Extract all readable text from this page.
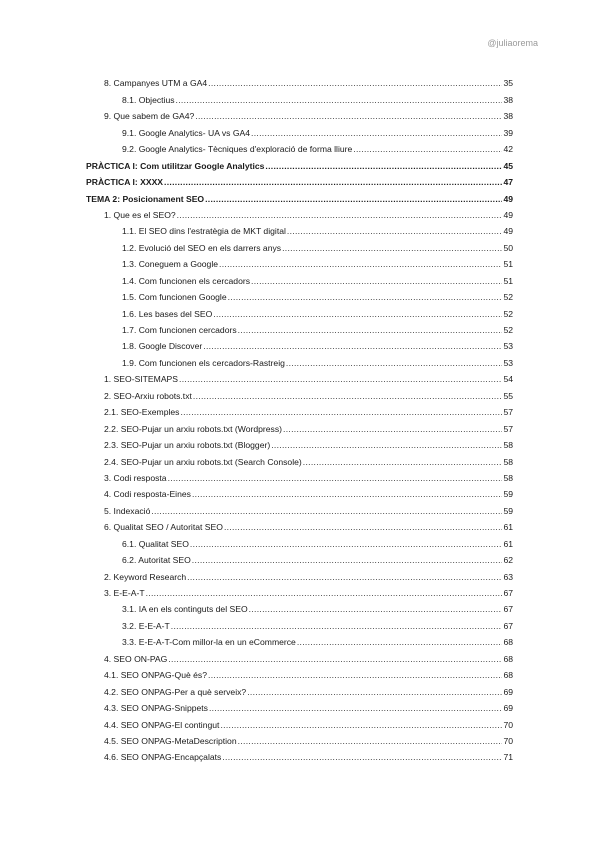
@juliaorema
8. Campanyes UTM a GA4 .....	35
8.1. Objectius .....	38
9. Que sabem de GA4? .....	38
9.1. Google Analytics- UA vs GA4 .....	39
9.2. Google Analytics- Tècniques d'exploració de forma lliure .....	42
PRÀCTICA I: Com utilitzar Google Analytics .....	45
PRÀCTICA I: XXXX .....	47
TEMA 2: Posicionament SEO .....	49
1. Que es el SEO? .....	49
1.1. El SEO dins l'estratègia de MKT digital .....	49
1.2. Evolució del SEO en els darrers anys .....	50
1.3. Coneguem a Google .....	51
1.4. Com funcionen els cercadors .....	51
1.5. Com funcionen Google .....	52
1.6. Les bases del SEO .....	52
1.7. Com funcionen cercadors .....	52
1.8. Google Discover .....	53
1.9. Com funcionen els cercadors-Rastreig .....	53
1. SEO-SITEMAPS .....	54
2. SEO-Arxiu robots.txt .....	55
2.1. SEO-Exemples .....	57
2.2. SEO-Pujar un arxiu robots.txt (Wordpress) .....	57
2.3. SEO-Pujar un arxiu robots.txt (Blogger) .....	58
2.4. SEO-Pujar un arxiu robots.txt (Search Console) .....	58
3. Codi resposta .....	58
4. Codi resposta-Eines .....	59
5. Indexació .....	59
6. Qualitat SEO / Autoritat SEO .....	61
6.1. Qualitat SEO .....	61
6.2. Autoritat SEO .....	62
2. Keyword Research .....	63
3. E-E-A-T .....	67
3.1. IA en els continguts del SEO .....	67
3.2. E-E-A-T .....	67
3.3. E-E-A-T-Com millor-la en un eCommerce .....	68
4. SEO ON-PAG .....	68
4.1. SEO ONPAG-Què és? .....	68
4.2. SEO ONPAG-Per a què serveix? .....	69
4.3. SEO ONPAG-Snippets .....	69
4.4. SEO ONPAG-El contingut .....	70
4.5. SEO ONPAG-MetaDescription .....	70
4.6. SEO ONPAG-Encapçalats .....	71
